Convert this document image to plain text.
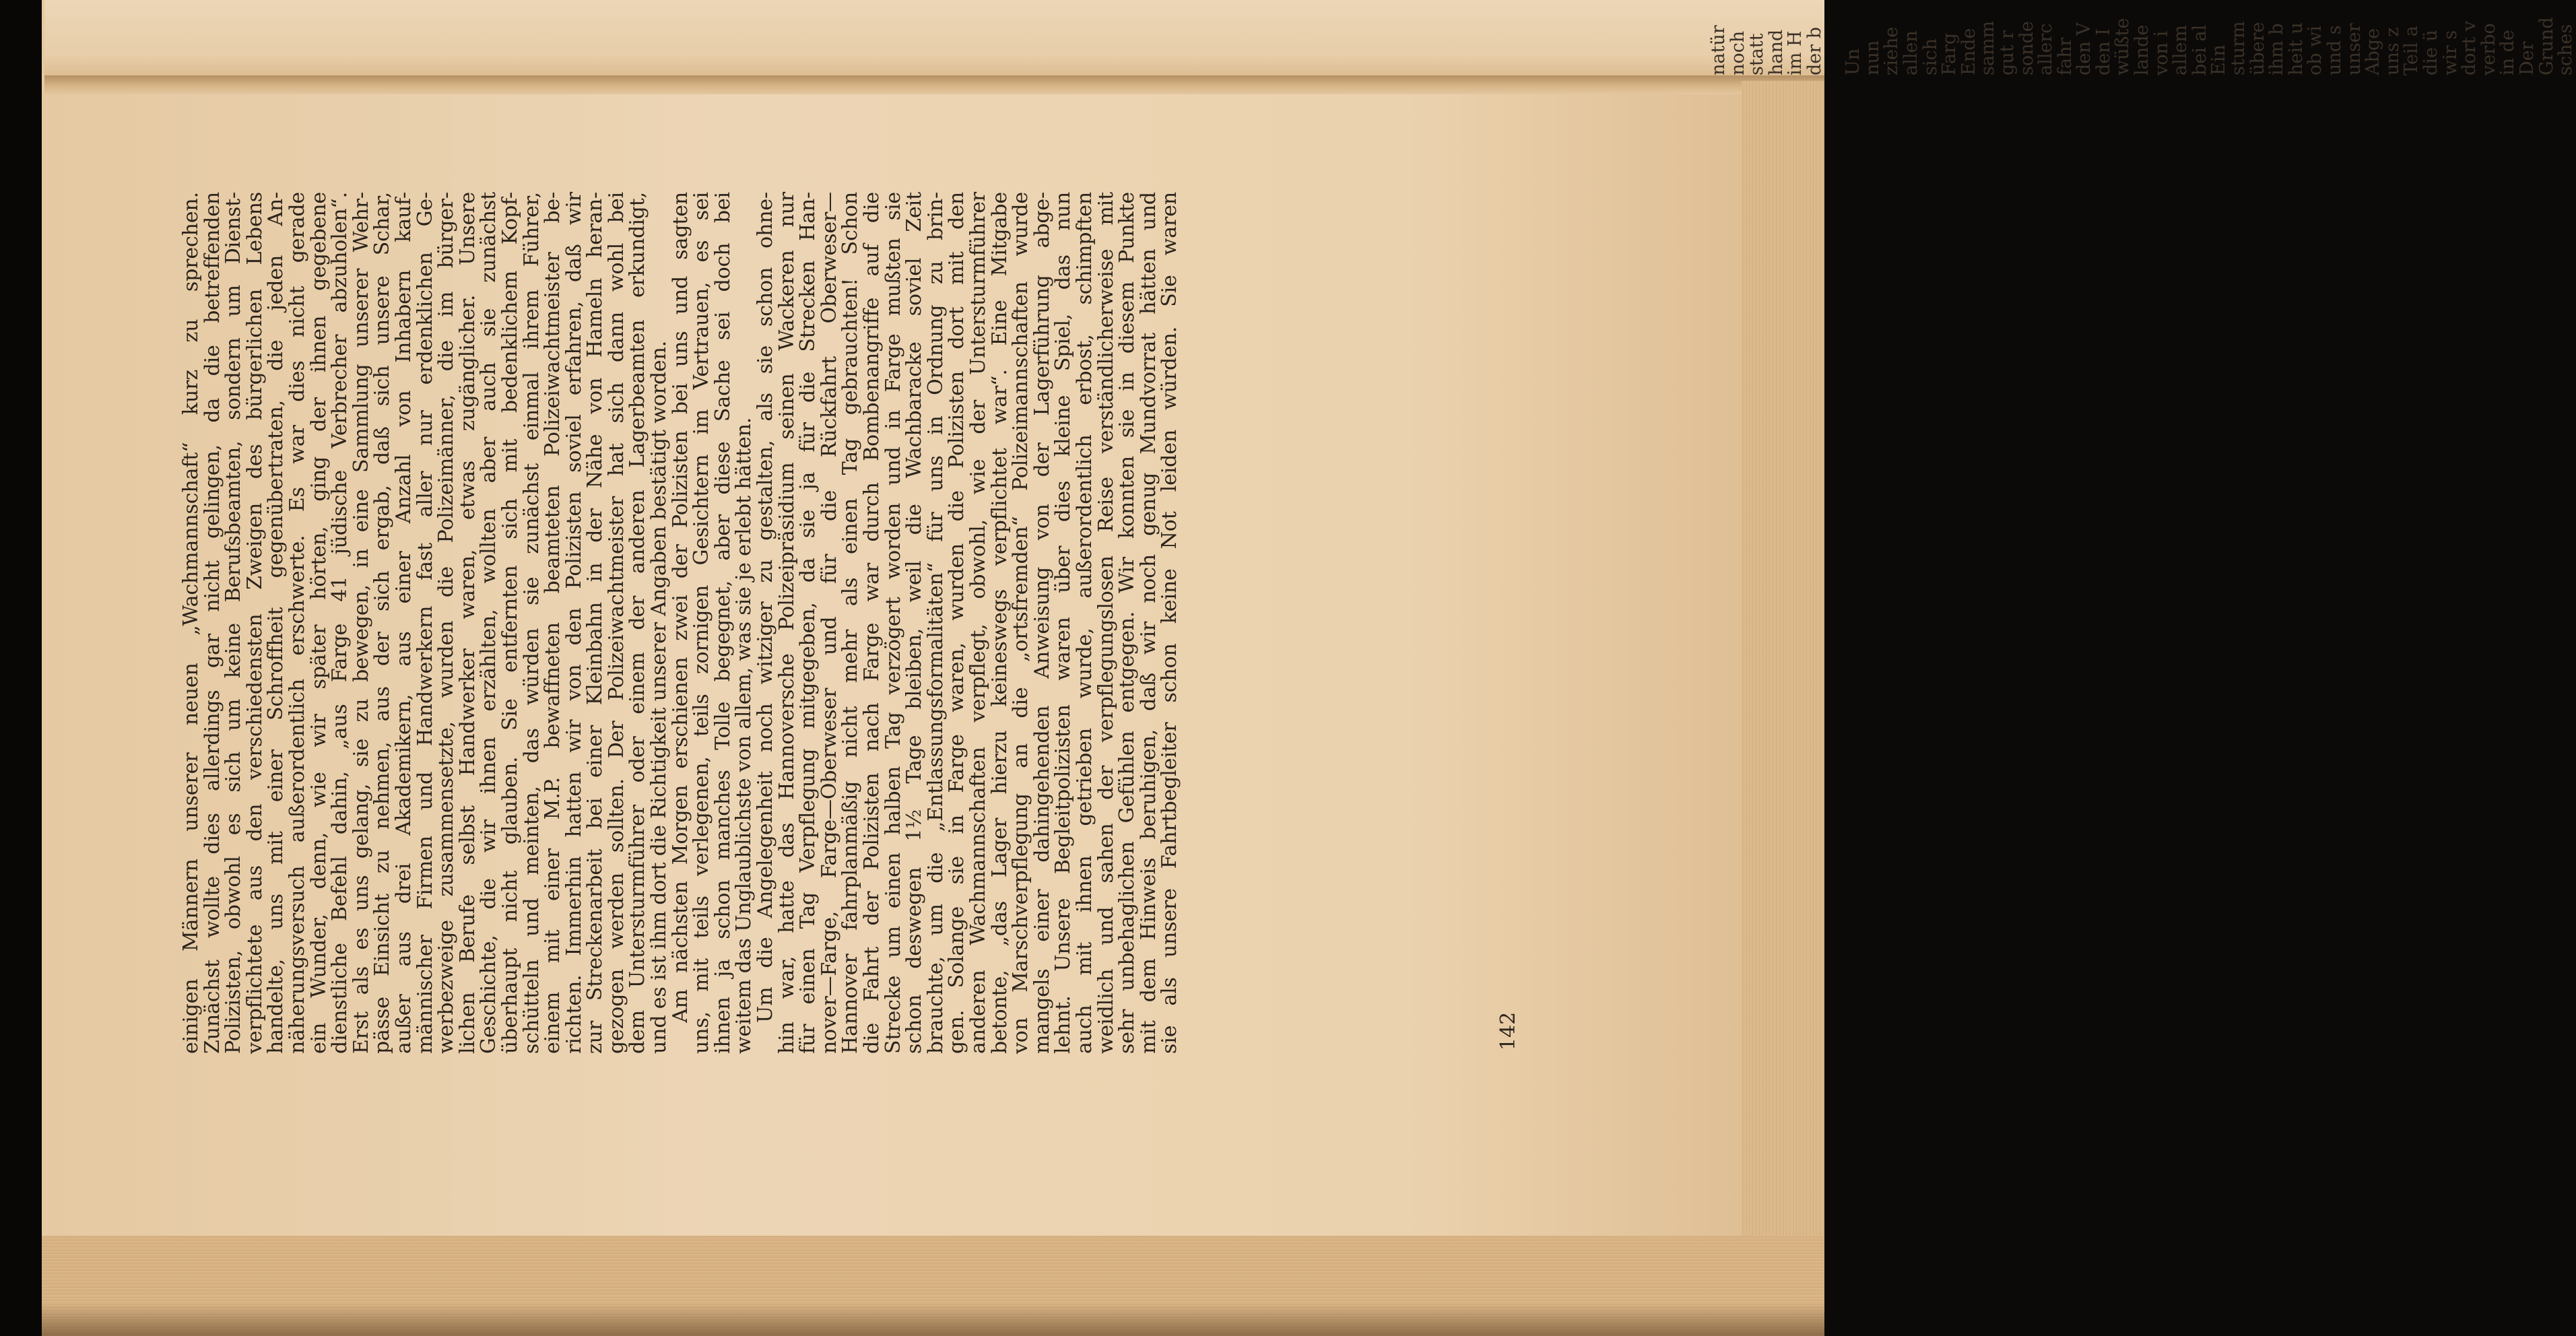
natür
noch
statt
hand
im H
der b Un
nun
ziehe
allen
sich
Farg
Ende
samm
gut r
sonde
allerc
fahr
den V
den I
wüßte
lande
von i
allem
bei al
Ein
sturm
übere
ihm b
heit u
ob wi
und s
unser
Abge
uns z
Teil a
die ü
wir s
dort v
verbo
in de
Der
Grund
sches
einigen Männern unserer neuen „Wachmannschaft“ kurz zu sprechen.
Zunächst wollte dies allerdings gar nicht gelingen, da die betreffenden
Polizisten, obwohl es sich um keine Berufsbeamten, sondern um Dienst-
verpflichtete aus den verschiedensten Zweigen des bürgerlichen Lebens
handelte, uns mit einer Schroffheit gegenübertraten, die jeden An-
näherungsversuch außerordentlich erschwerte. Es war dies nicht gerade
ein Wunder, denn, wie wir später hörten, ging der ihnen gegebene
dienstliche Befehl dahin, „aus Farge 41 jüdische Verbrecher abzuholen“.
Erst als es uns gelang, sie zu bewegen, in eine Sammlung unserer Wehr-
pässe Einsicht zu nehmen, aus der sich ergab, daß sich unsere Schar,
außer aus drei Akademikern, aus einer Anzahl von Inhabern kauf-
männischer Firmen und Handwerkern fast aller nur erdenklichen Ge-
werbezweige zusammensetzte, wurden die Polizeimänner, die im bürger-
lichen Berufe selbst Handwerker waren, etwas zugänglicher. Unsere
Geschichte, die wir ihnen erzählten, wollten aber auch sie zunächst
überhaupt nicht glauben. Sie entfernten sich mit bedenklichem Kopf-
schütteln und meinten, das würden sie zunächst einmal ihrem Führer,
einem mit einer M.P. bewaffneten beamteten Polizeiwachtmeister be-
richten. Immerhin hatten wir von den Polizisten soviel erfahren, daß wir
zur Streckenarbeit bei einer Kleinbahn in der Nähe von Hameln heran-
gezogen werden sollten. Der Polizeiwachtmeister hat sich dann wohl bei
dem Untersturmführer oder einem der anderen Lagerbeamten erkundigt,
und es ist ihm dort die Richtigkeit unserer Angaben bestätigt worden.
Am nächsten Morgen erschienen zwei der Polizisten bei uns und sagten
uns, mit teils verlegenen, teils zornigen Gesichtern im Vertrauen, es sei
ihnen ja schon manches Tolle begegnet, aber diese Sache sei doch bei
weitem das Unglaublichste von allem, was sie je erlebt hätten.
Um die Angelegenheit noch witziger zu gestalten, als sie schon ohne-
hin war, hatte das Hannoversche Polizeipräsidium seinen Wackeren nur
für einen Tag Verpflegung mitgegeben, da sie ja für die Strecken Han-
nover—Farge, Farge—Oberweser und für die Rückfahrt Oberweser—
Hannover fahrplanmäßig nicht mehr als einen Tag gebrauchten! Schon
die Fahrt der Polizisten nach Farge war durch Bombenangriffe auf die
Strecke um einen halben Tag verzögert worden und in Farge mußten sie
schon deswegen 1½ Tage bleiben, weil die Wachbaracke soviel Zeit
brauchte, um die „Entlassungsformalitäten“ für uns in Ordnung zu brin-
gen. Solange sie in Farge waren, wurden die Polizisten dort mit den
anderen Wachmannschaften verpflegt, obwohl, wie der Untersturmführer
betonte, „das Lager hierzu keineswegs verpflichtet war“. Eine Mitgabe
von Marschverpflegung an die „ortsfremden“ Polizeimannschaften wurde
mangels einer dahingehenden Anweisung von der Lagerführung abge-
lehnt. Unsere Begleitpolizisten waren über dies kleine Spiel, das nun
auch mit ihnen getrieben wurde, außerordentlich erbost, schimpften
weidlich und sahen der verpflegungslosen Reise verständlicherweise mit
sehr unbehaglichen Gefühlen entgegen. Wir konnten sie in diesem Punkte
mit dem Hinweis beruhigen, daß wir noch genug Mundvorrat hätten und
sie als unsere Fahrtbegleiter schon keine Not leiden würden. Sie waren	142
